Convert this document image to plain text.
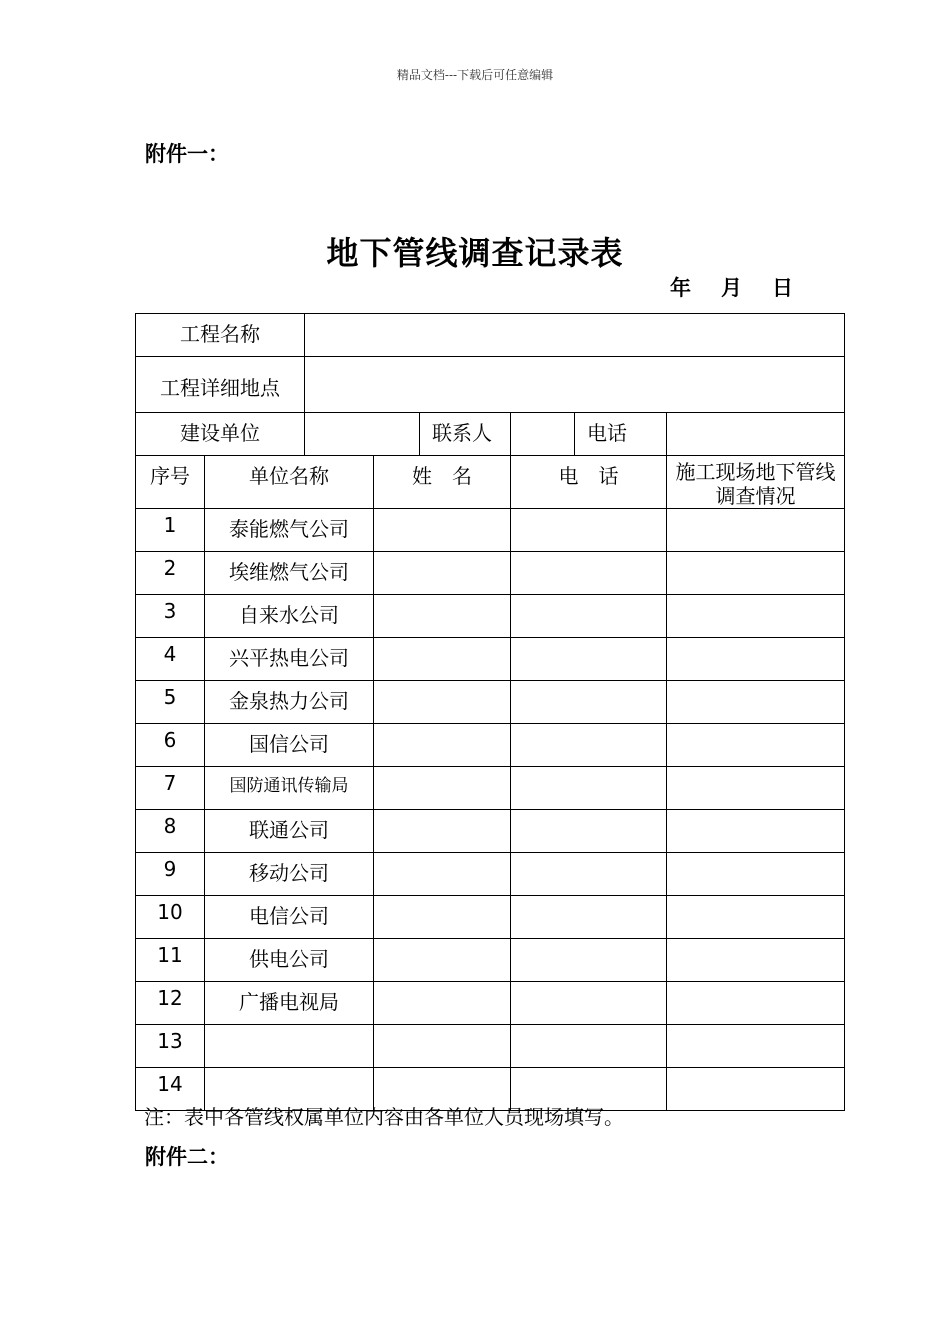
精品文档---下载后可任意编辑
附件一：
地下管线调查记录表
年 月 日
工程名称							
工程详细地点							
建设单位				联系人		电话	
序号	单位名称		姓　名		电　话		施工现场地下管线调查情况
1	泰能燃气公司						
2	埃维燃气公司						
3	自来水公司						
4	兴平热电公司						
5	金泉热力公司						
6	国信公司						
7	国防通讯传输局						
8	联通公司						
9	移动公司						
10	电信公司						
11	供电公司						
12	广播电视局						
13							
14							
注：表中各管线权属单位内容由各单位人员现场填写。
附件二：
